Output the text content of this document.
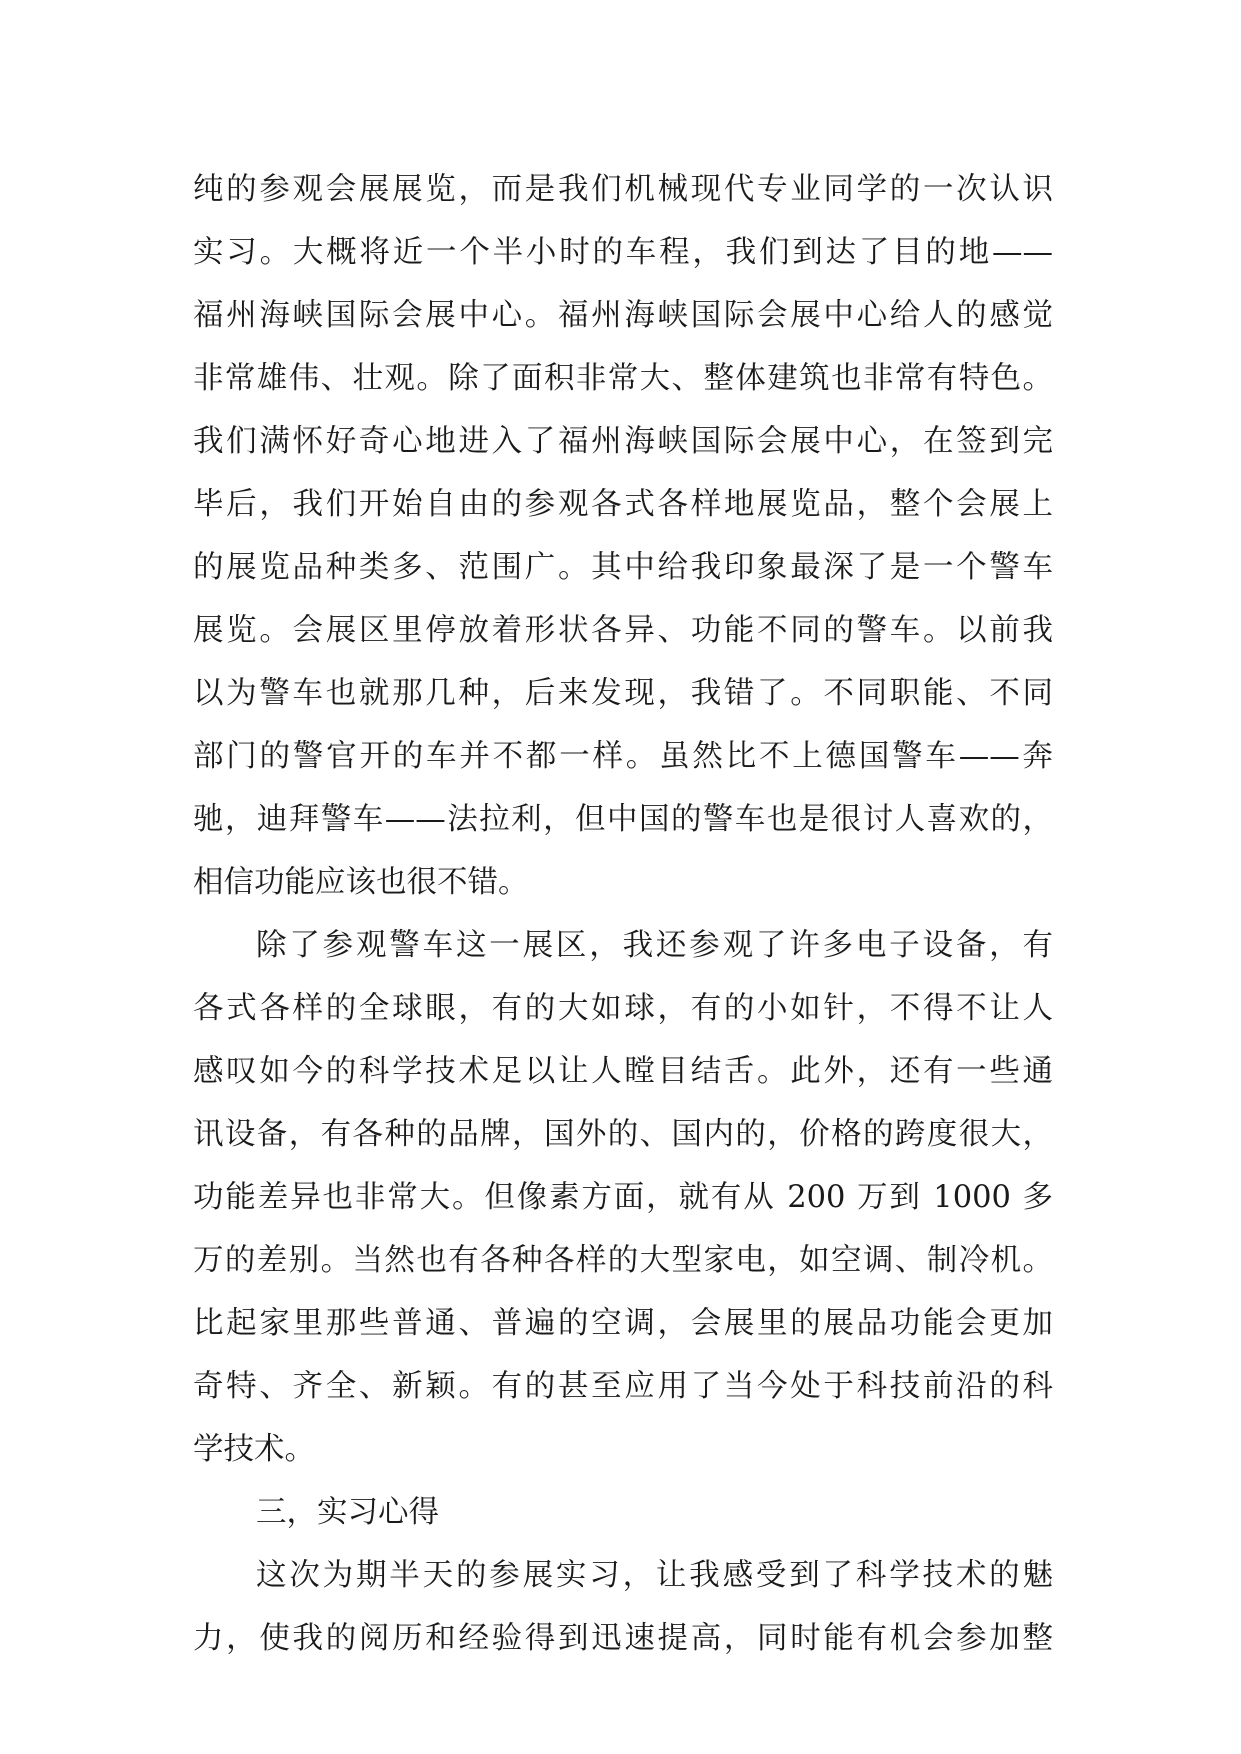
纯的参观会展展览，而是我们机械现代专业同学的一次认识
实习。大概将近一个半小时的车程，我们到达了目的地——
福州海峡国际会展中心。福州海峡国际会展中心给人的感觉
非常雄伟、壮观。除了面积非常大、整体建筑也非常有特色。
我们满怀好奇心地进入了福州海峡国际会展中心，在签到完
毕后，我们开始自由的参观各式各样地展览品，整个会展上
的展览品种类多、范围广。其中给我印象最深了是一个警车
展览。会展区里停放着形状各异、功能不同的警车。以前我
以为警车也就那几种，后来发现，我错了。不同职能、不同
部门的警官开的车并不都一样。虽然比不上德国警车——奔
驰，迪拜警车——法拉利，但中国的警车也是很讨人喜欢的，
相信功能应该也很不错。
除了参观警车这一展区，我还参观了许多电子设备，有
各式各样的全球眼，有的大如球，有的小如针，不得不让人
感叹如今的科学技术足以让人瞠目结舌。此外，还有一些通
讯设备，有各种的品牌，国外的、国内的，价格的跨度很大，
功能差异也非常大。但像素方面，就有从 200 万到 1000 多
万的差别。当然也有各种各样的大型家电，如空调、制冷机。
比起家里那些普通、普遍的空调，会展里的展品功能会更加
奇特、齐全、新颖。有的甚至应用了当今处于科技前沿的科
学技术。
三，实习心得
这次为期半天的参展实习，让我感受到了科学技术的魅
力，使我的阅历和经验得到迅速提高，同时能有机会参加整
